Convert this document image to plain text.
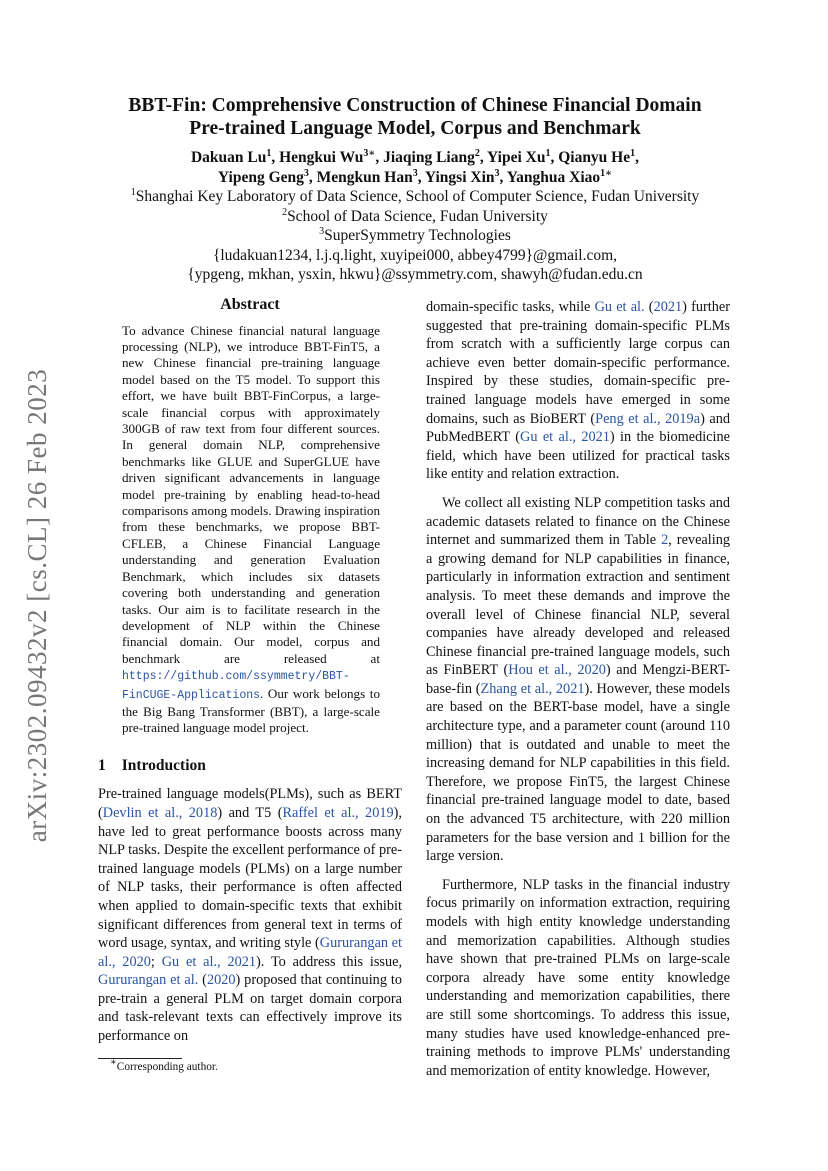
arXiv:2302.09432v2 [cs.CL] 26 Feb 2023
BBT-Fin: Comprehensive Construction of Chinese Financial Domain
Pre-trained Language Model, Corpus and Benchmark
Dakuan Lu$^1$, Hengkui $Wu^{3∗}$, Jiaqing Liang$^2$, Yipei Xu$^1$, Qianyu He$^1$,
Yipeng Geng$^3$, Mengkun Han$^3$, Yingsi Xin$^3$, Yanghua Xiao$^{1∗}$
$^1$Shanghai Key Laboratory of Data Science, School of Computer Science, Fudan University
$^2$School of Data Science, Fudan University
$^3$SuperSymmetry Technologies
{ludakuan1234, l.j.q.light, xuyipei000, abbey4799}@gmail.com,
{ypgeng, mkhan, ysxin, hkwu}@ssymmetry.com, shawyh@fudan.edu.cn
Abstract

To advance Chinese financial natural language processing (NLP), we introduce BBT-FinT5, a new Chinese financial pre-training language model based on the T5 model. To support this effort, we have built BBT-FinCorpus, a large-scale financial corpus with approximately 300GB of raw text from four different sources. In general domain NLP, comprehensive benchmarks like GLUE and SuperGLUE have driven significant advancements in language model pre-training by enabling head-to-head comparisons among models. Drawing inspiration from these benchmarks, we propose BBT-CFLEB, a Chinese Financial Language understanding and generation Evaluation Benchmark, which includes six datasets covering both understanding and generation tasks. Our aim is to facilitate research in the development of NLP within the Chinese financial domain. Our model, corpus and benchmark are released at https://github.com/ssymmetry/BBT-FinCUGE-Applications. Our work belongs to the Big Bang Transformer (BBT), a large-scale pre-trained language model project.

1 Introduction

Pre-trained language models(PLMs), such as BERT (Devlin et al., 2018) and T5 (Raffel et al., 2019), have led to great performance boosts across many NLP tasks. Despite the excellent performance of pre-trained language models (PLMs) on a large number of NLP tasks, their performance is often affected when applied to domain-specific texts that exhibit significant differences from general text in terms of word usage, syntax, and writing style (Gururangan et al., 2020; Gu et al., 2021). To address this issue, Gururangan et al. (2020) proposed that continuing to pre-train a general PLM on target domain corpora and task-relevant texts can effectively improve its performance on

domain-specific tasks, while Gu et al. (2021) further suggested that pre-training domain-specific PLMs from scratch with a sufficiently large corpus can achieve even better domain-specific performance. Inspired by these studies, domain-specific pre-trained language models have emerged in some domains, such as BioBERT (Peng et al., 2019a) and PubMedBERT (Gu et al., 2021) in the biomedicine field, which have been utilized for practical tasks like entity and relation extraction.

We collect all existing NLP competition tasks and academic datasets related to finance on the Chinese internet and summarized them in Table 2, revealing a growing demand for NLP capabilities in finance, particularly in information extraction and sentiment analysis. To meet these demands and improve the overall level of Chinese financial NLP, several companies have already developed and released Chinese financial pre-trained language models, such as FinBERT (Hou et al., 2020) and Mengzi-BERT-base-fin (Zhang et al., 2021). However, these models are based on the BERT-base model, have a single architecture type, and a parameter count (around 110 million) that is outdated and unable to meet the increasing demand for NLP capabilities in this field. Therefore, we propose FinT5, the largest Chinese financial pre-trained language model to date, based on the advanced T5 architecture, with 220 million parameters for the base version and 1 billion for the large version.

Furthermore, NLP tasks in the financial industry focus primarily on information extraction, requiring models with high entity knowledge understanding and memorization capabilities. Although studies have shown that pre-trained PLMs on large-scale corpora already have some entity knowledge understanding and memorization capabilities, there are still some shortcomings. To address this issue, many studies have used knowledge-enhanced pre-training methods to improve PLMs' understanding and memorization of entity knowledge. However,

∗Corresponding author.
